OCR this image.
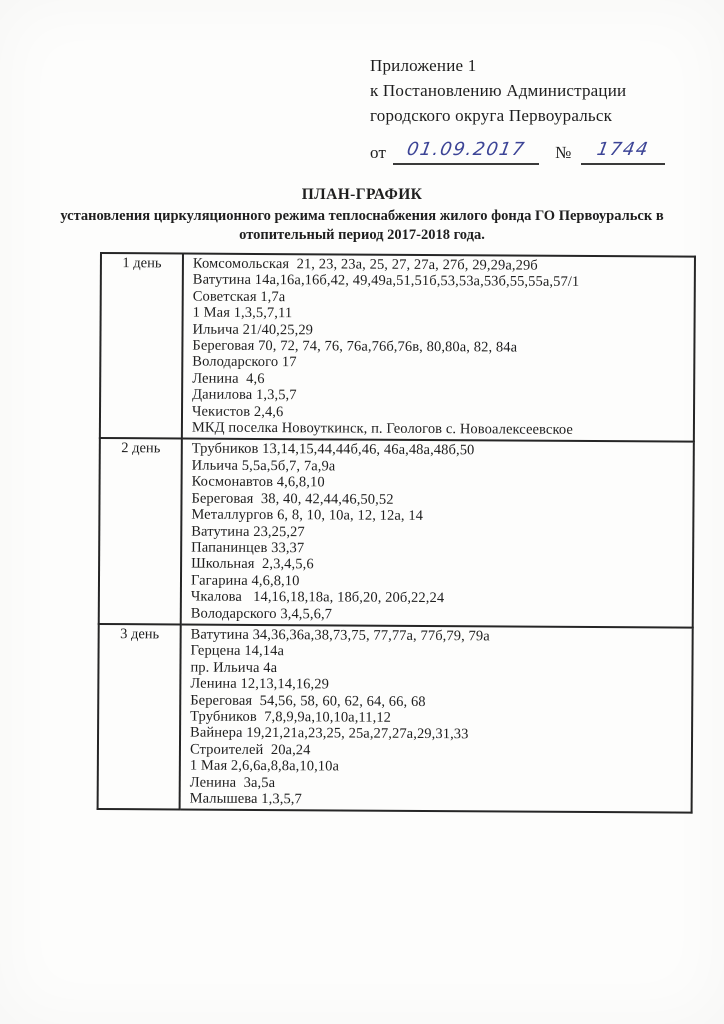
Приложение 1
к Постановлению Администрации
городского округа Первоуральск
от 01.09.2017 № 1744
ПЛАН-ГРАФИК
установления циркуляционного режима теплоснабжения жилого фонда ГО Первоуральск в
отопительный период 2017-2018 года.
1 день	Комсомольская  21, 23, 23а, 25, 27, 27а, 27б, 29,29а,29б
Ватутина 14а,16а,16б,42, 49,49а,51,51б,53,53а,53б,55,55а,57/1
Советская 1,7а
1 Мая 1,3,5,7,11
Ильича 21/40,25,29
Береговая 70, 72, 74, 76, 76а,76б,76в, 80,80а, 82, 84а
Володарского 17
Ленина  4,6
Данилова 1,3,5,7
Чекистов 2,4,6
МКД поселка Новоуткинск, п. Геологов с. Новоалексеевское

2 день	Трубников 13,14,15,44,44б,46, 46а,48а,48б,50
Ильича 5,5а,5б,7, 7а,9а
Космонавтов 4,6,8,10
Береговая  38, 40, 42,44,46,50,52
Металлургов 6, 8, 10, 10а, 12, 12а, 14
Ватутина 23,25,27
Папанинцев 33,37
Школьная  2,3,4,5,6
Гагарина 4,6,8,10
Чкалова   14,16,18,18а, 18б,20, 20б,22,24
Володарского 3,4,5,6,7

3 день	Ватутина 34,36,36а,38,73,75, 77,77а, 77б,79, 79а
Герцена 14,14а
пр. Ильича 4а
Ленина 12,13,14,16,29
Береговая  54,56, 58, 60, 62, 64, 66, 68
Трубников  7,8,9,9а,10,10а,11,12
Вайнера 19,21,21а,23,25, 25а,27,27а,29,31,33
Строителей  20а,24
1 Мая 2,6,6а,8,8а,10,10а
Ленина  3а,5а
Малышева 1,3,5,7
